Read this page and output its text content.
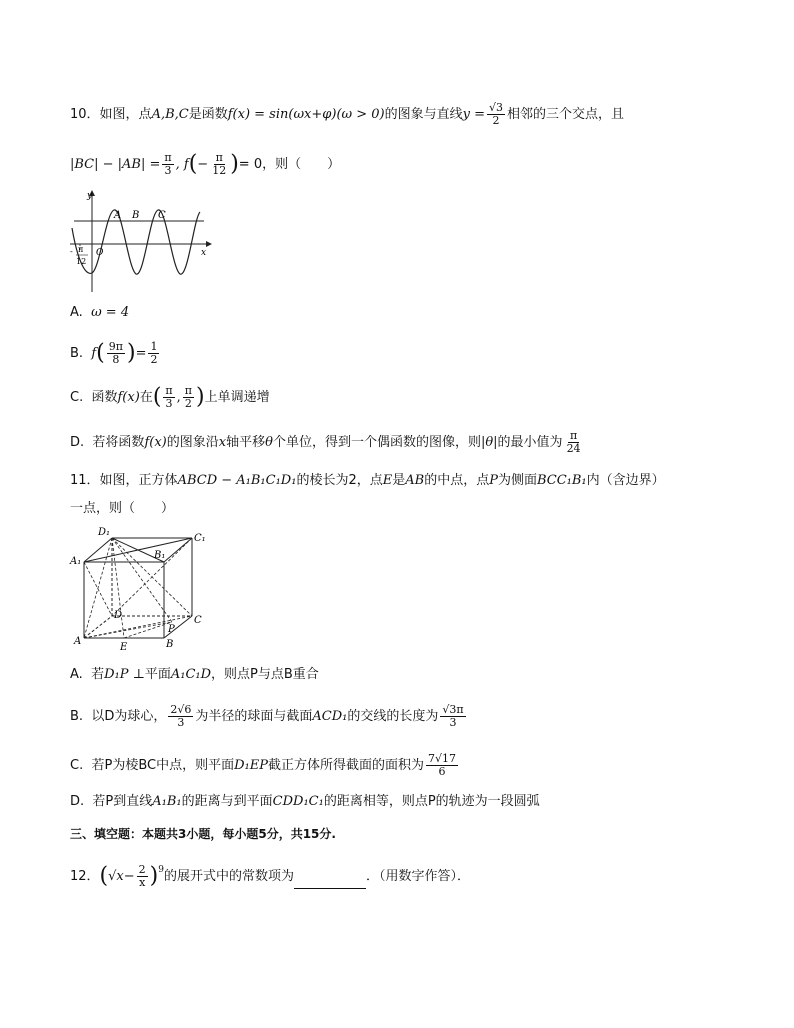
10．如图，点A,B,C是函数f(x) = sin(ωx+φ)(ω > 0)的图象与直线$y = \frac{√3}{2}$ 相邻的三个交点，且
$|BC| - |AB| = \frac{\pi}{3}$ , $f(- \frac{\pi}{12}$ )= 0，则（　　）
y
x
O
A B C
- π
12
A. ω = 4
B. $f( \frac{9\pi}{8}$ )= $\frac{1}{2}$
C. 函数f(x)在( $\frac{\pi}{3}$ , $\frac{\pi}{2}$ )上单调递增
D. 若将函数f(x)的图象沿x轴平移θ个单位，得到一个偶函数的图像，则|θ|的最小值为 $\frac{\pi}{24}$
11．如图，正方体ABCD − A₁B₁C₁D₁的棱长为2，点E是AB的中点，点P为侧面BCC₁B₁内（含边界）
一点，则（　　）
D₁
C₁
A₁
B₁
D	C
A	B
E
P
A. 若D₁P ⊥平面A₁C₁D，则点P与点B重合
B. 以D为球心， $\frac{2√6}{3}$ 为半径的球面与截面ACD₁的交线的长度为 $\frac{√3\pi}{3}$
C. 若P为棱BC中点，则平面D₁EP截正方体所得截面的面积为 $\frac{7√17}{6}$
D. 若P到直线A₁B₁的距离与到平面CDD₁C₁的距离相等，则点P的轨迹为一段圆弧
三、填空题：本题共3小题，每小题5分，共15分.
12．$(√x- \frac{2}{x} )^9$的展开式中的常数项为	．（用数字作答）．
